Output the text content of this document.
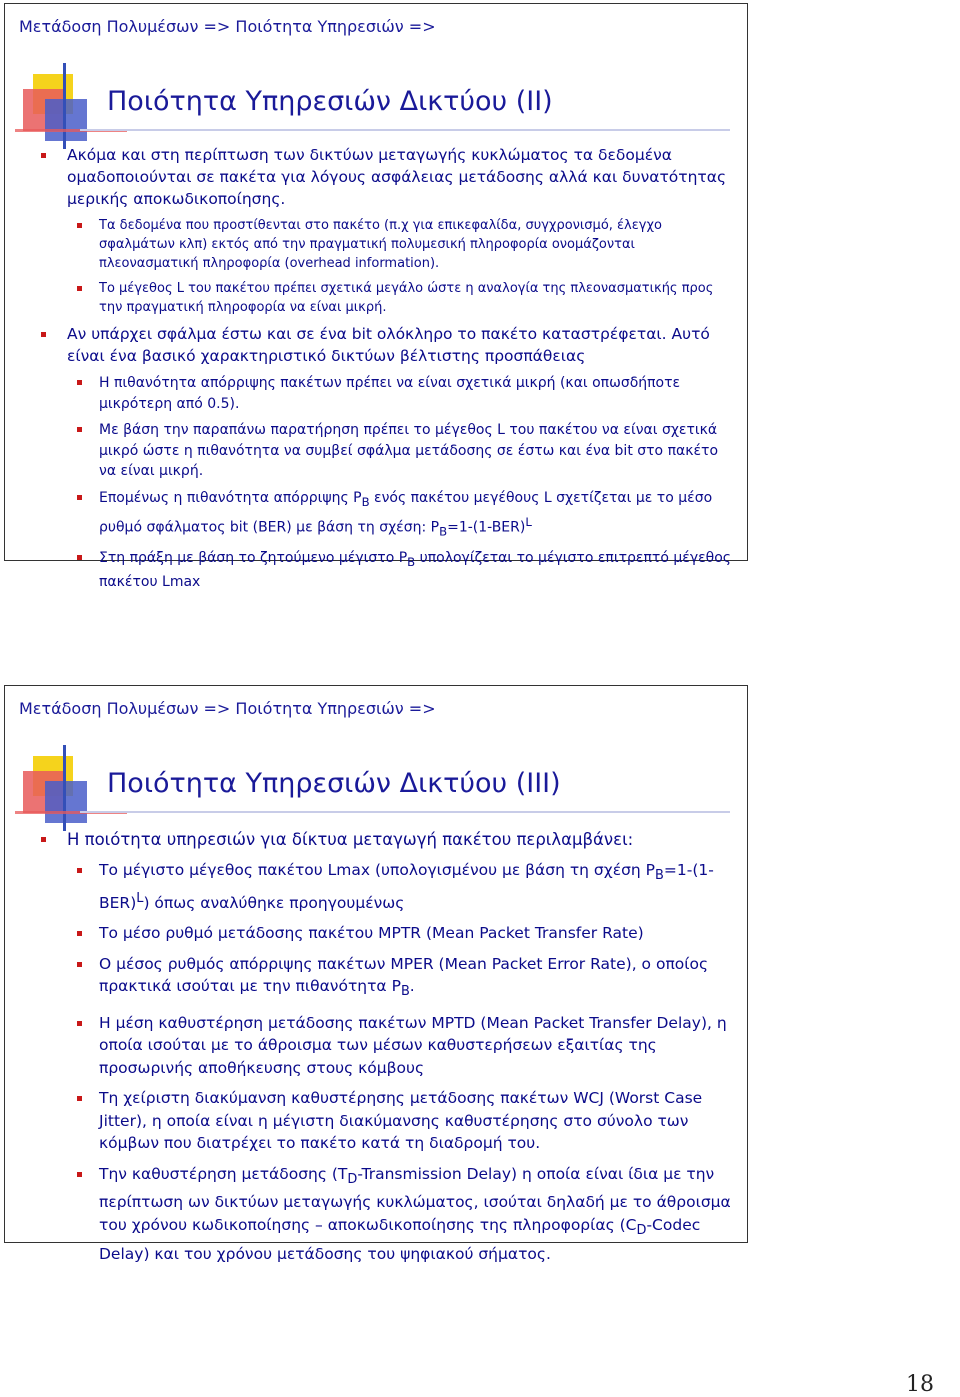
Μετάδοση Πολυμέσων => Ποιότητα Υπηρεσιών =>
Ποιότητα Υπηρεσιών Δικτύου (ΙΙ)
Ακόμα και στη περίπτωση των δικτύων μεταγωγής κυκλώματος τα δεδομένα ομαδοποιούνται σε πακέτα για λόγους ασφάλειας μετάδοσης αλλά και δυνατότητας μερικής αποκωδικοποίησης.
Τα δεδομένα που προστίθενται στο πακέτο (π.χ για επικεφαλίδα, συγχρονισμό, έλεγχο σφαλμάτων κλπ) εκτός από την πραγματική πολυμεσική πληροφορία ονομάζονται πλεονασματική πληροφορία (overhead information).
Το μέγεθος L του πακέτου πρέπει σχετικά μεγάλο ώστε η αναλογία της πλεονασματικής προς την πραγματική πληροφορία να είναι μικρή.
Αν υπάρχει σφάλμα έστω και σε ένα bit ολόκληρο το πακέτο καταστρέφεται. Αυτό είναι ένα βασικό χαρακτηριστικό δικτύων βέλτιστης προσπάθειας
Η πιθανότητα απόρριψης πακέτων πρέπει να είναι σχετικά μικρή (και οπωσδήποτε μικρότερη από 0.5).
Με βάση την παραπάνω παρατήρηση πρέπει το μέγεθος L του πακέτου να είναι σχετικά μικρό ώστε η πιθανότητα να συμβεί σφάλμα μετάδοσης σε έστω και ένα bit στο πακέτο να είναι μικρή.
Επομένως η πιθανότητα απόρριψης $P_B$ ενός πακέτου μεγέθους L σχετίζεται με το μέσο ρυθμό σφάλματος bit (BER) με βάση τη σχέση: $P_B=1-(1-BER)^L$
Στη πράξη με βάση το ζητούμενο μέγιστο $P_B$ υπολογίζεται το μέγιστο επιτρεπτό μέγεθος πακέτου Lmax
Μετάδοση Πολυμέσων => Ποιότητα Υπηρεσιών =>
Ποιότητα Υπηρεσιών Δικτύου (ΙΙI)
Η ποιότητα υπηρεσιών για δίκτυα μεταγωγή πακέτου περιλαμβάνει:
Το μέγιστο μέγεθος πακέτου Lmax (υπολογισμένου με βάση τη σχέση $P_B=1-(1-BER)^L$) όπως αναλύθηκε προηγουμένως
Το μέσο ρυθμό μετάδοσης πακέτου MPTR (Mean Packet Transfer Rate)
Ο μέσος ρυθμός απόρριψης πακέτων MPER (Mean Packet Error Rate), ο οποίος πρακτικά ισούται με την πιθανότητα $P_B$.
Η μέση καθυστέρηση μετάδοσης πακέτων MPTD (Mean Packet Transfer Delay), η οποία ισούται με το άθροισμα των μέσων καθυστερήσεων εξαιτίας της προσωρινής αποθήκευσης στους κόμβους
Τη χείριστη διακύμανση καθυστέρησης μετάδοσης πακέτων WCJ (Worst Case Jitter), η οποία είναι η μέγιστη διακύμανσης καθυστέρησης στο σύνολο των κόμβων που διατρέχει το πακέτο κατά τη διαδρομή του.
Την καθυστέρηση μετάδοσης ($T_D$-Transmission Delay) η οποία είναι ίδια με την περίπτωση ων δικτύων μεταγωγής κυκλώματος, ισούται δηλαδή με το άθροισμα του χρόνου κωδικοποίησης – αποκωδικοποίησης της πληροφορίας ($C_D$-Codec Delay) και του χρόνου μετάδοσης του ψηφιακού σήματος.
18
